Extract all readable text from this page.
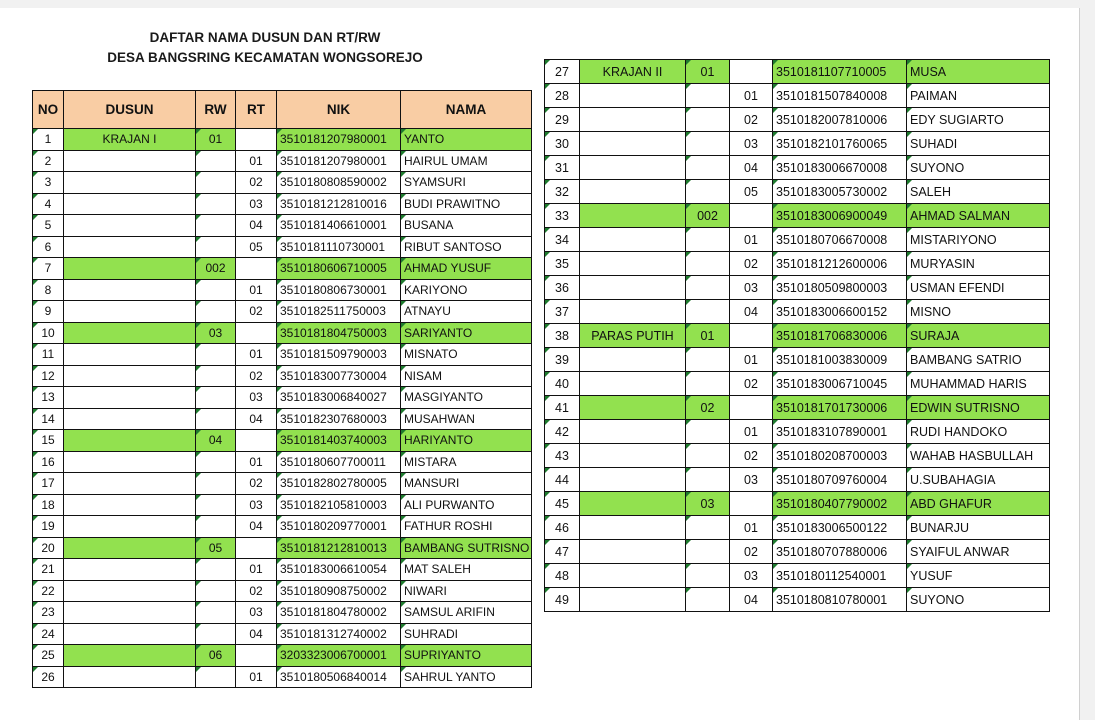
DAFTAR NAMA DUSUN DAN RT/RW
DESA BANGSRING KECAMATAN WONGSOREJO
NO	DUSUN	RW	RT	NIK	NAMA
1	KRAJAN I	01		3510181207980001	YANTO
2			01	3510181207980001	HAIRUL UMAM
3			02	3510180808590002	SYAMSURI
4			03	3510181212810016	BUDI PRAWITNO
5			04	3510181406610001	BUSANA
6			05	3510181110730001	RIBUT SANTOSO
7		002		3510180606710005	AHMAD YUSUF
8			01	3510180806730001	KARIYONO
9			02	3510182511750003	ATNAYU
10		03		3510181804750003	SARIYANTO
11			01	3510181509790003	MISNATO
12			02	3510183007730004	NISAM
13			03	3510183006840027	MASGIYANTO
14			04	3510182307680003	MUSAHWAN
15		04		3510181403740003	HARIYANTO
16			01	3510180607700011	MISTARA
17			02	3510182802780005	MANSURI
18			03	3510182105810003	ALI PURWANTO
19			04	3510180209770001	FATHUR ROSHI
20		05		3510181212810013	BAMBANG SUTRISNO
21			01	3510183006610054	MAT SALEH
22			02	3510180908750002	NIWARI
23			03	3510181804780002	SAMSUL ARIFIN
24			04	3510181312740002	SUHRADI
25		06		3203323006700001	SUPRIYANTO
26			01	3510180506840014	SAHRUL YANTO
27	KRAJAN II	01		3510181107710005	MUSA
28			01	3510181507840008	PAIMAN
29			02	3510182007810006	EDY SUGIARTO
30			03	3510182101760065	SUHADI
31			04	3510183006670008	SUYONO
32			05	3510183005730002	SALEH
33		002		3510183006900049	AHMAD SALMAN
34			01	3510180706670008	MISTARIYONO
35			02	3510181212600006	MURYASIN
36			03	3510180509800003	USMAN EFENDI
37			04	3510183006600152	MISNO
38	PARAS PUTIH	01		3510181706830006	SURAJA
39			01	3510181003830009	BAMBANG SATRIO
40			02	3510183006710045	MUHAMMAD HARIS
41		02		3510181701730006	EDWIN SUTRISNO
42			01	3510183107890001	RUDI HANDOKO
43			02	3510180208700003	WAHAB HASBULLAH
44			03	3510180709760004	U.SUBAHAGIA
45		03		3510180407790002	ABD GHAFUR
46			01	3510183006500122	BUNARJU
47			02	3510180707880006	SYAIFUL ANWAR
48			03	3510180112540001	YUSUF
49			04	3510180810780001	SUYONO
